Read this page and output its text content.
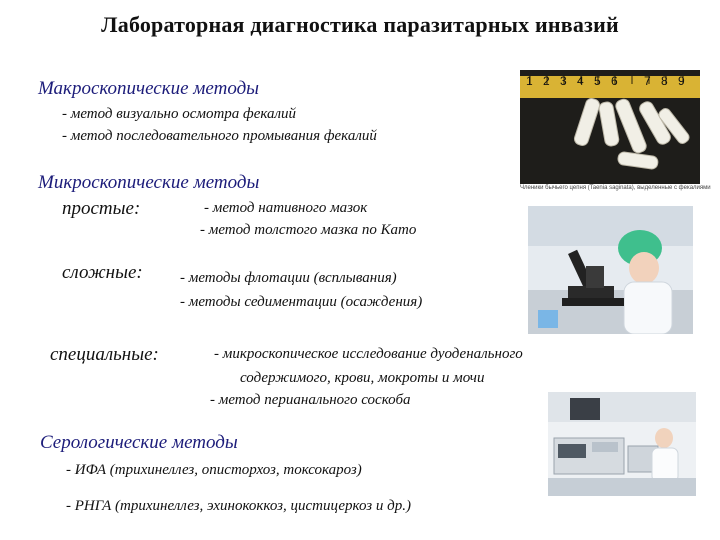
Лабораторная диагностика паразитарных инвазий
Макроскопические методы
- метод визуально осмотра фекалий
- метод последовательного промывания фекалий
1 2 3 4 5 6 7 8 9
Членики бычьего цепня (Taenia saginata), выделенные с фекалиями
Микроскопические методы
простые:	- метод нативного мазок
- метод толстого мазка по Като
сложные: - методы флотации (всплывания)
- методы седиментации (осаждения)
специальные:	- микроскопическое исследование дуоденального
содержимого, крови, мокроты и мочи
- метод перианального соскоба
Серологические методы
- ИФА (трихинеллез, описторхоз, токсокароз)
- РНГА (трихинеллез, эхинококкоз, цистицеркоз и др.)
